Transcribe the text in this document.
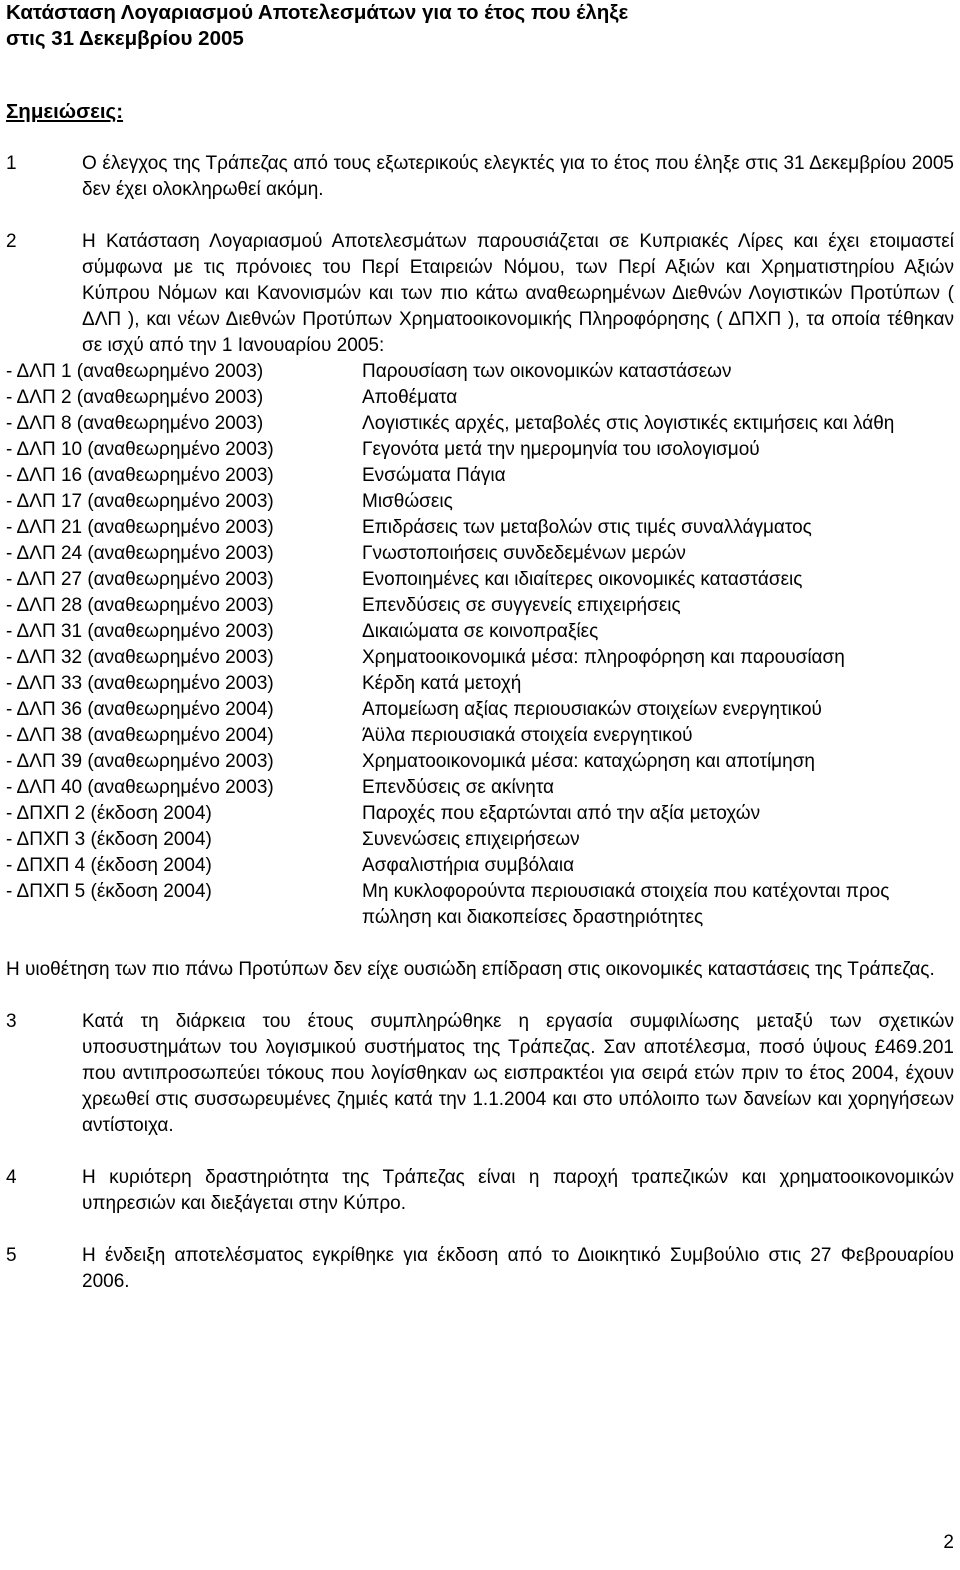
Κατάσταση Λογαριασμού Αποτελεσμάτων για το έτος που έληξε
στις 31 Δεκεμβρίου 2005
Σημειώσεις:
1	Ο έλεγχος της Τράπεζας από τους εξωτερικούς ελεγκτές για το έτος που έληξε στις 31 Δεκεμβρίου 2005 δεν έχει ολοκληρωθεί ακόμη.
2	Η Κατάσταση Λογαριασμού Αποτελεσμάτων παρουσιάζεται σε Κυπριακές Λίρες και έχει ετοιμαστεί σύμφωνα με τις πρόνοιες του Περί Εταιρειών Νόμου, των Περί Αξιών και Χρηματιστηρίου Αξιών Κύπρου Νόμων και Κανονισμών και των πιο κάτω αναθεωρημένων Διεθνών Λογιστικών Προτύπων ( ΔΛΠ ), και νέων Διεθνών Προτύπων Χρηματοοικονομικής Πληροφόρησης ( ΔΠΧΠ ), τα οποία τέθηκαν σε ισχύ από την 1 Ιανουαρίου 2005:
- ΔΛΠ 1 (αναθεωρημένο 2003)	Παρουσίαση των οικονομικών καταστάσεων
- ΔΛΠ 2 (αναθεωρημένο 2003)	Αποθέματα
- ΔΛΠ 8 (αναθεωρημένο 2003)	Λογιστικές αρχές, μεταβολές στις λογιστικές εκτιμήσεις και λάθη
- ΔΛΠ 10 (αναθεωρημένο 2003)	Γεγονότα μετά την ημερομηνία του ισολογισμού
- ΔΛΠ 16 (αναθεωρημένο 2003)	Ενσώματα Πάγια
- ΔΛΠ 17 (αναθεωρημένο 2003)	Μισθώσεις
- ΔΛΠ 21 (αναθεωρημένο 2003)	Επιδράσεις των μεταβολών στις τιμές συναλλάγματος
- ΔΛΠ 24 (αναθεωρημένο 2003)	Γνωστοποιήσεις συνδεδεμένων μερών
- ΔΛΠ 27 (αναθεωρημένο 2003)	Ενοποιημένες και ιδιαίτερες οικονομικές καταστάσεις
- ΔΛΠ 28 (αναθεωρημένο 2003)	Επενδύσεις σε συγγενείς επιχειρήσεις
- ΔΛΠ 31 (αναθεωρημένο 2003)	Δικαιώματα σε κοινοπραξίες
- ΔΛΠ 32 (αναθεωρημένο 2003)	Χρηματοοικονομικά μέσα: πληροφόρηση και παρουσίαση
- ΔΛΠ 33 (αναθεωρημένο 2003)	Κέρδη κατά μετοχή
- ΔΛΠ 36 (αναθεωρημένο 2004)	Απομείωση αξίας περιουσιακών στοιχείων ενεργητικού
- ΔΛΠ 38 (αναθεωρημένο 2004)	Άϋλα περιουσιακά στοιχεία ενεργητικού
- ΔΛΠ 39 (αναθεωρημένο 2003)	Χρηματοοικονομικά μέσα: καταχώρηση και αποτίμηση
- ΔΛΠ 40 (αναθεωρημένο 2003)	Επενδύσεις σε ακίνητα
- ΔΠΧΠ 2 (έκδοση 2004)	Παροχές που εξαρτώνται από την αξία μετοχών
- ΔΠΧΠ 3 (έκδοση 2004)	Συνενώσεις επιχειρήσεων
- ΔΠΧΠ 4 (έκδοση 2004)	Ασφαλιστήρια συμβόλαια
- ΔΠΧΠ 5 (έκδοση 2004)	Μη κυκλοφορούντα περιουσιακά στοιχεία που κατέχονται προς πώληση και διακοπείσες δραστηριότητες
Η υιοθέτηση των πιο πάνω Προτύπων δεν είχε ουσιώδη επίδραση στις οικονομικές καταστάσεις της Τράπεζας.
3	Κατά τη διάρκεια του έτους συμπληρώθηκε η εργασία συμφιλίωσης μεταξύ των σχετικών υποσυστημάτων του λογισμικού συστήματος της Τράπεζας. Σαν αποτέλεσμα, ποσό ύψους £469.201 που αντιπροσωπεύει τόκους που λογίσθηκαν ως εισπρακτέοι για σειρά ετών πριν το έτος 2004, έχουν χρεωθεί στις συσσωρευμένες ζημιές κατά την 1.1.2004 και στο υπόλοιπο των δανείων και χορηγήσεων αντίστοιχα.
4	Η κυριότερη δραστηριότητα της Τράπεζας είναι η παροχή τραπεζικών και χρηματοοικονομικών υπηρεσιών και διεξάγεται στην Κύπρο.
5	Η ένδειξη αποτελέσματος εγκρίθηκε για έκδοση από το Διοικητικό Συμβούλιο στις 27 Φεβρουαρίου 2006.
2
